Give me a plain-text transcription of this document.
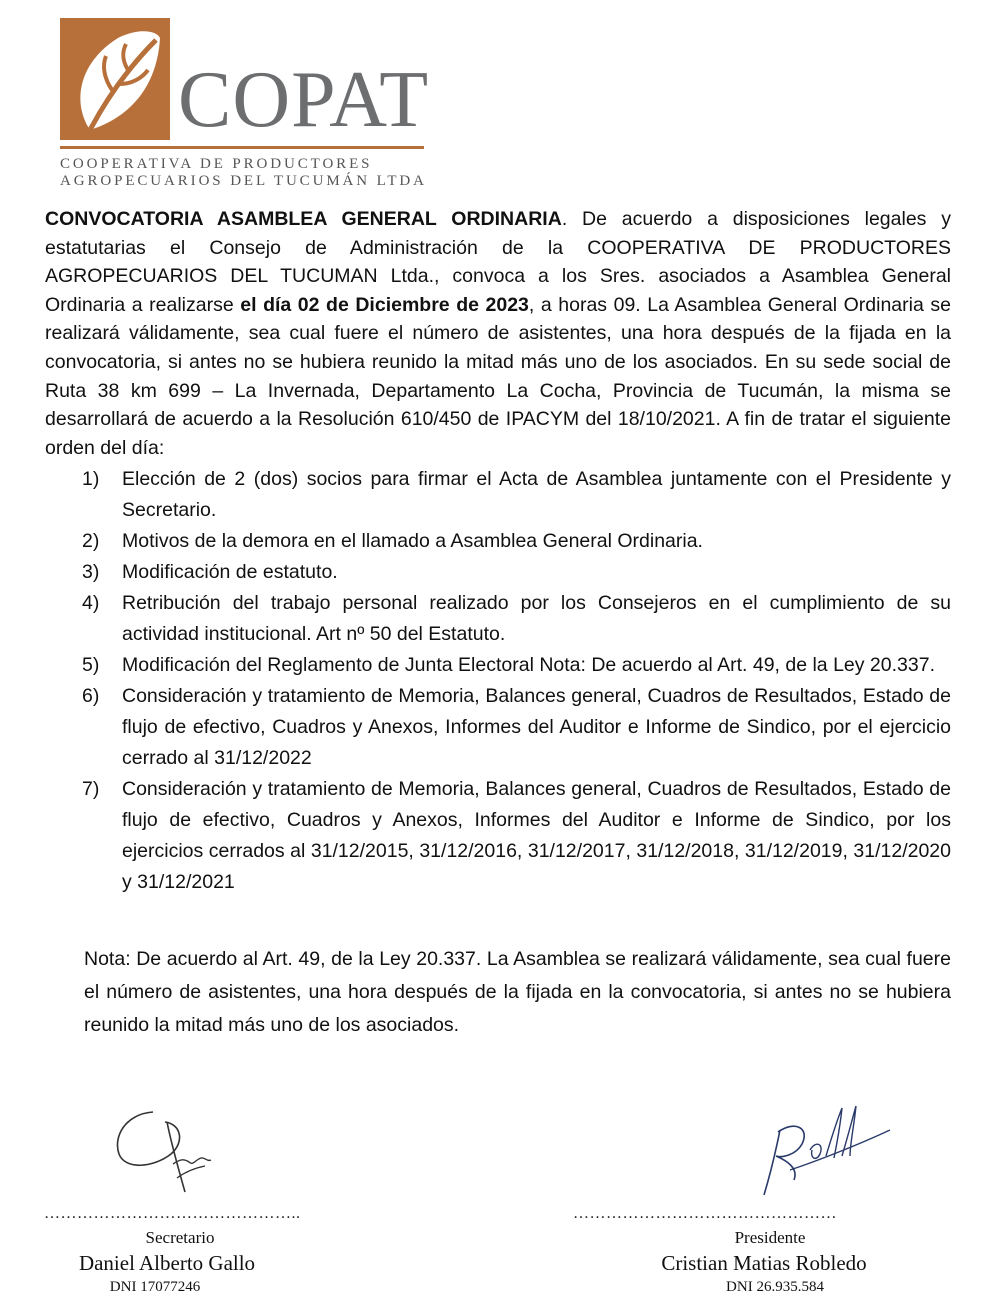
COPAT
COOPERATIVA DE PRODUCTORES
AGROPECUARIOS DEL TUCUMÁN LTDA

CONVOCATORIA ASAMBLEA GENERAL ORDINARIA. De acuerdo a disposiciones legales y estatutarias el Consejo de Administración de la COOPERATIVA DE PRODUCTORES AGROPECUARIOS DEL TUCUMAN Ltda., convoca a los Sres. asociados a Asamblea General Ordinaria a realizarse el día 02 de Diciembre de 2023, a horas 09. La Asamblea General Ordinaria se realizará válidamente, sea cual fuere el número de asistentes, una hora después de la fijada en la convocatoria, si antes no se hubiera reunido la mitad más uno de los asociados. En su sede social de Ruta 38 km 699 – La Invernada, Departamento La Cocha, Provincia de Tucumán, la misma se desarrollará de acuerdo a la Resolución 610/450 de IPACYM del 18/10/2021. A fin de tratar el siguiente orden del día:

1) Elección de 2 (dos) socios para firmar el Acta de Asamblea juntamente con el Presidente y Secretario.
2) Motivos de la demora en el llamado a Asamblea General Ordinaria.
3) Modificación de estatuto.
4) Retribución del trabajo personal realizado por los Consejeros en el cumplimiento de su actividad institucional. Art nº 50 del Estatuto.
5) Modificación del Reglamento de Junta Electoral Nota: De acuerdo al Art. 49, de la Ley 20.337.
6) Consideración y tratamiento de Memoria, Balances general, Cuadros de Resultados, Estado de flujo de efectivo, Cuadros y Anexos, Informes del Auditor e Informe de Sindico, por el ejercicio cerrado al 31/12/2022
7) Consideración y tratamiento de Memoria, Balances general, Cuadros de Resultados, Estado de flujo de efectivo, Cuadros y Anexos, Informes del Auditor e Informe de Sindico, por los ejercicios cerrados al 31/12/2015, 31/12/2016, 31/12/2017, 31/12/2018, 31/12/2019, 31/12/2020 y 31/12/2021

Nota: De acuerdo al Art. 49, de la Ley 20.337. La Asamblea se realizará válidamente, sea cual fuere el número de asistentes, una hora después de la fijada en la convocatoria, si antes no se hubiera reunido la mitad más uno de los asociados.

………………………………………..
Secretario
Daniel Alberto Gallo
DNI 17077246
…………………………………………
Presidente
Cristian Matias Robledo
DNI 26.935.584
